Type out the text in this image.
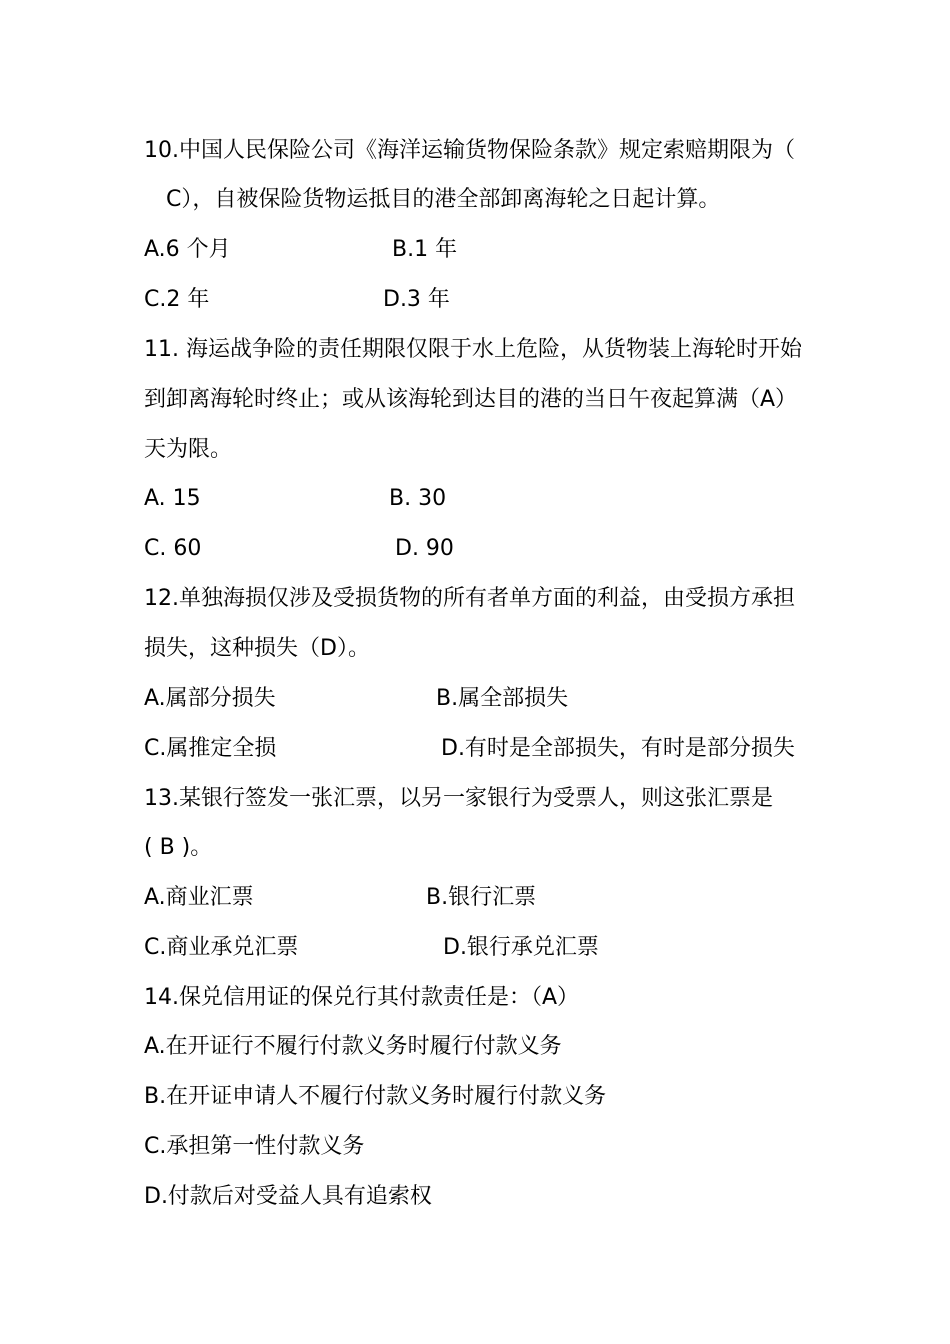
10.中国人民保险公司《海洋运输货物保险条款》规定索赔期限为（
C），自被保险货物运抵目的港全部卸离海轮之日起计算。
A.6 个月	B.1 年
C.2 年	D.3 年
11. 海运战争险的责任期限仅限于水上危险，从货物装上海轮时开始
到卸离海轮时终止；或从该海轮到达目的港的当日午夜起算满（A）
天为限。
A. 15	B. 30
C. 60	D. 90
12.单独海损仅涉及受损货物的所有者单方面的利益，由受损方承担
损失，这种损失（D）。
A.属部分损失	B.属全部损失
C.属推定全损	D.有时是全部损失，有时是部分损失
13.某银行签发一张汇票，以另一家银行为受票人，则这张汇票是
( B )。
A.商业汇票	B.银行汇票
C.商业承兑汇票	D.银行承兑汇票
14.保兑信用证的保兑行其付款责任是：（A）
A.在开证行不履行付款义务时履行付款义务
B.在开证申请人不履行付款义务时履行付款义务
C.承担第一性付款义务
D.付款后对受益人具有追索权
